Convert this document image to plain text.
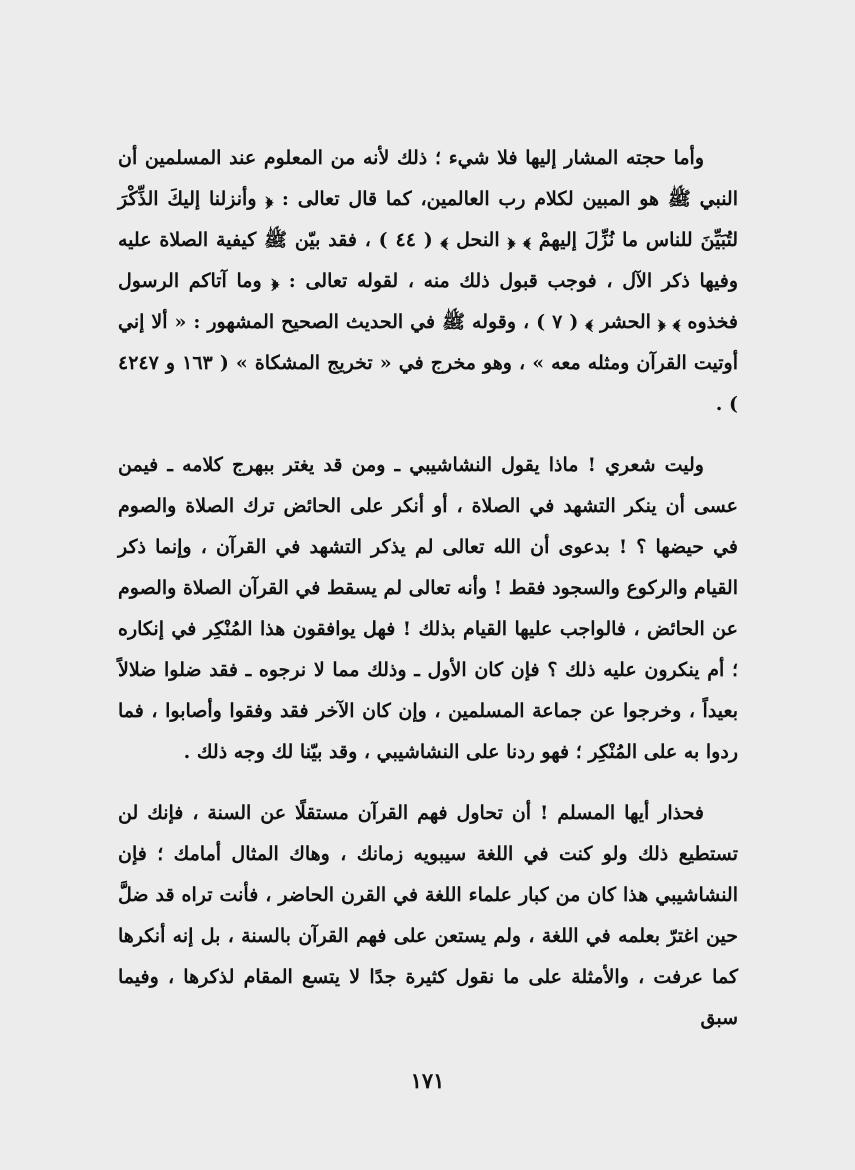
وأما حجته المشار إليها فلا شيء ؛ ذلك لأنه من المعلوم عند المسلمين أن النبي ﷺ هو المبين لكلام رب العالمين، كما قال تعالى : ﴿ وأنزلنا إليكَ الذِّكْرَ لتُبَيِّنَ للناس ما نُزِّلَ إليهمْ ﴾ ﴿ النحل ﴾ ( ٤٤ ) ، فقد بيّن ﷺ كيفية الصلاة عليه وفيها ذكر الآل ، فوجب قبول ذلك منه ، لقوله تعالى : ﴿ وما آتاكم الرسول فخذوه ﴾ ﴿ الحشر ﴾ ( ٧ ) ، وقوله ﷺ في الحديث الصحيح المشهور : « ألا إني أوتيت القرآن ومثله معه » ، وهو مخرج في « تخريج المشكاة » ( ١٦٣ و ٤٢٤٧ ) .

وليت شعري ! ماذا يقول النشاشيبي ـ ومن قد يغتر ببهرج كلامه ـ فيمن عسى أن ينكر التشهد في الصلاة ، أو أنكر على الحائض ترك الصلاة والصوم في حيضها ؟ ! بدعوى أن الله تعالى لم يذكر التشهد في القرآن ، وإنما ذكر القيام والركوع والسجود فقط ! وأنه تعالى لم يسقط في القرآن الصلاة والصوم عن الحائض ، فالواجب عليها القيام بذلك ! فهل يوافقون هذا المُنْكِر في إنكاره ؛ أم ينكرون عليه ذلك ؟ فإن كان الأول ـ وذلك مما لا نرجوه ـ فقد ضلوا ضلالاً بعيداً ، وخرجوا عن جماعة المسلمين ، وإن كان الآخر فقد وفقوا وأصابوا ، فما ردوا به على المُنْكِر ؛ فهو ردنا على النشاشيبي ، وقد بيّنا لك وجه ذلك .

فحذار أيها المسلم ! أن تحاول فهم القرآن مستقلًا عن السنة ، فإنك لن تستطيع ذلك ولو كنت في اللغة سيبويه زمانك ، وهاك المثال أمامك ؛ فإن النشاشيبي هذا كان من كبار علماء اللغة في القرن الحاضر ، فأنت تراه قد ضلَّ حين اغترّ بعلمه في اللغة ، ولم يستعن على فهم القرآن بالسنة ، بل إنه أنكرها كما عرفت ، والأمثلة على ما نقول كثيرة جدًا لا يتسع المقام لذكرها ، وفيما سبق

١٧١
